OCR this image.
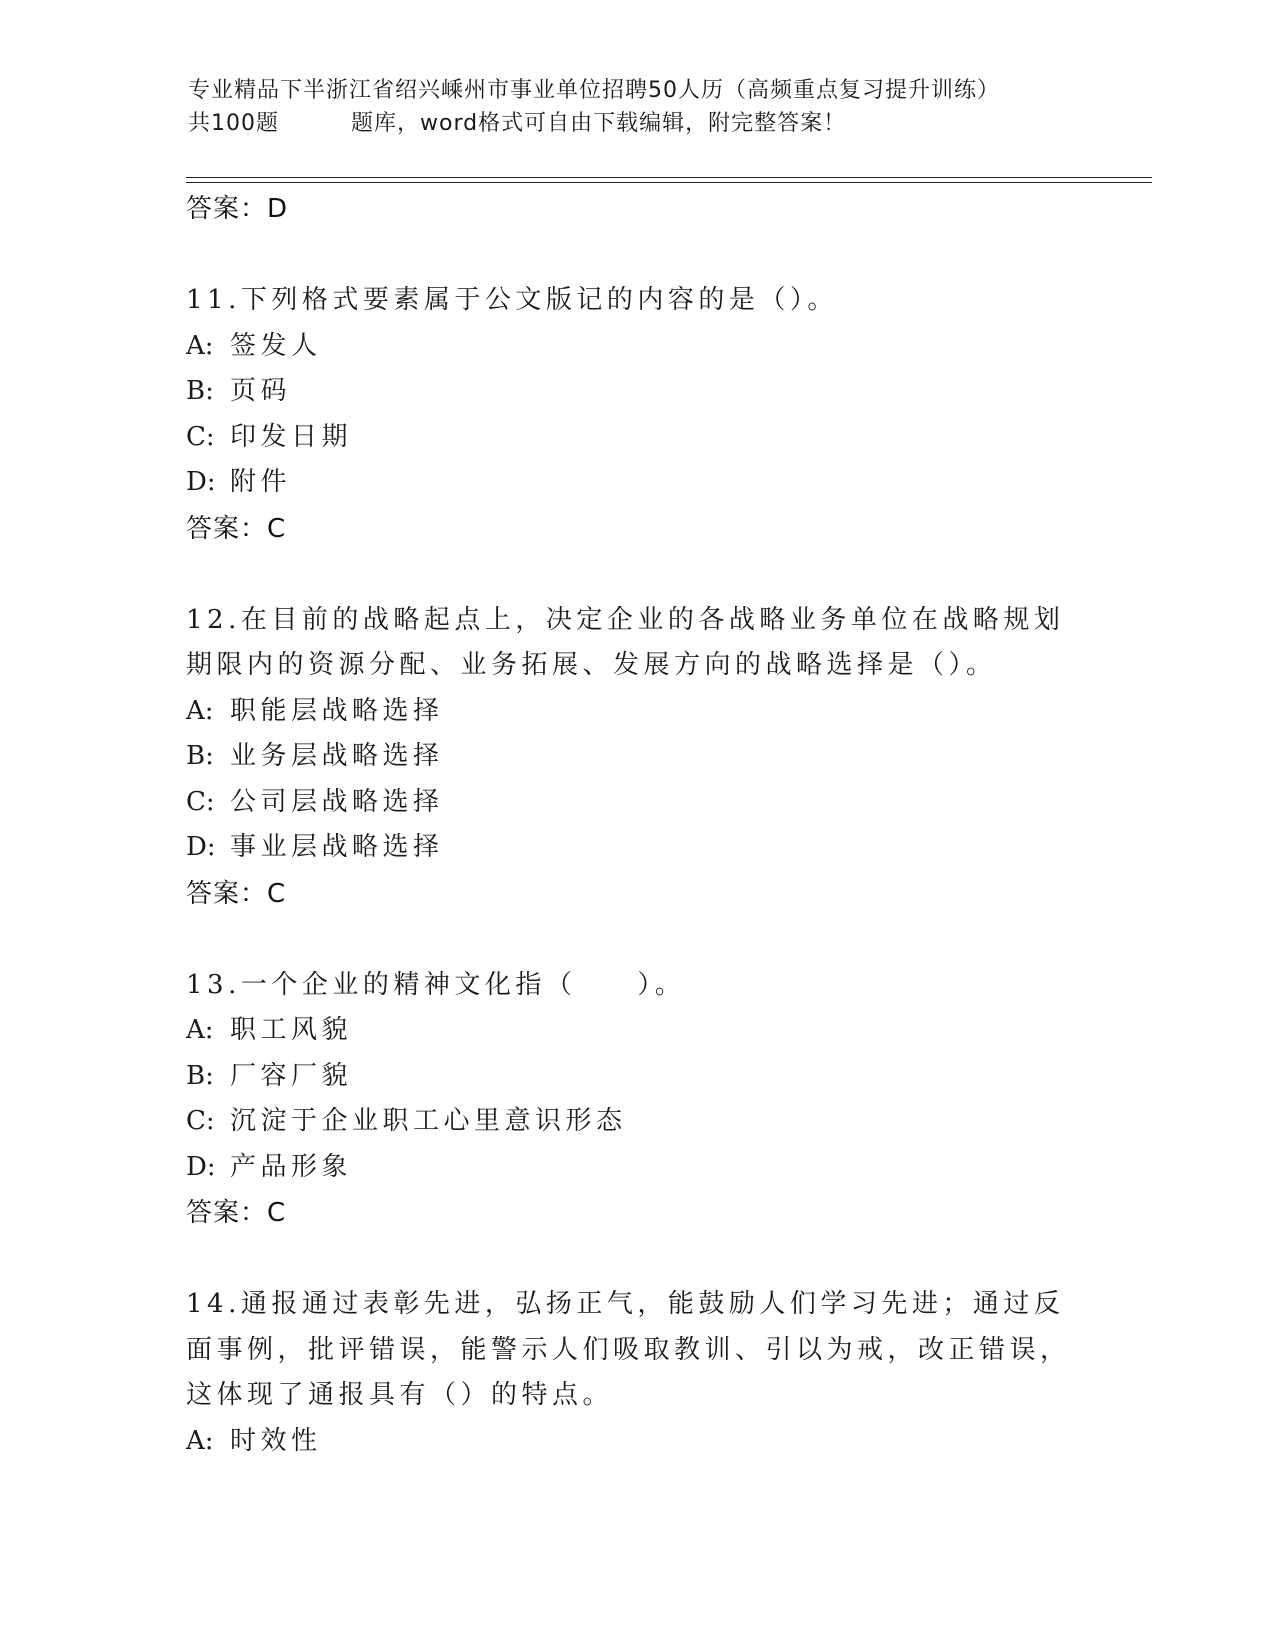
专业精品下半浙江省绍兴嵊州市事业单位招聘50人历（高频重点复习提升训练）
共100题	题库，word格式可自由下载编辑，附完整答案！
答案：D
11.下列格式要素属于公文版记的内容的是（）。
A: 签发人
B: 页码
C: 印发日期
D: 附件
答案：C
12.在目前的战略起点上，决定企业的各战略业务单位在战略规划期限内的资源分配、业务拓展、发展方向的战略选择是（）。
A: 职能层战略选择
B: 业务层战略选择
C: 公司层战略选择
D: 事业层战略选择
答案：C
13.一个企业的精神文化指（　　）。
A: 职工风貌
B: 厂容厂貌
C: 沉淀于企业职工心里意识形态
D: 产品形象
答案：C
14.通报通过表彰先进，弘扬正气，能鼓励人们学习先进；通过反面事例，批评错误，能警示人们吸取教训、引以为戒，改正错误，这体现了通报具有（）的特点。
A: 时效性
